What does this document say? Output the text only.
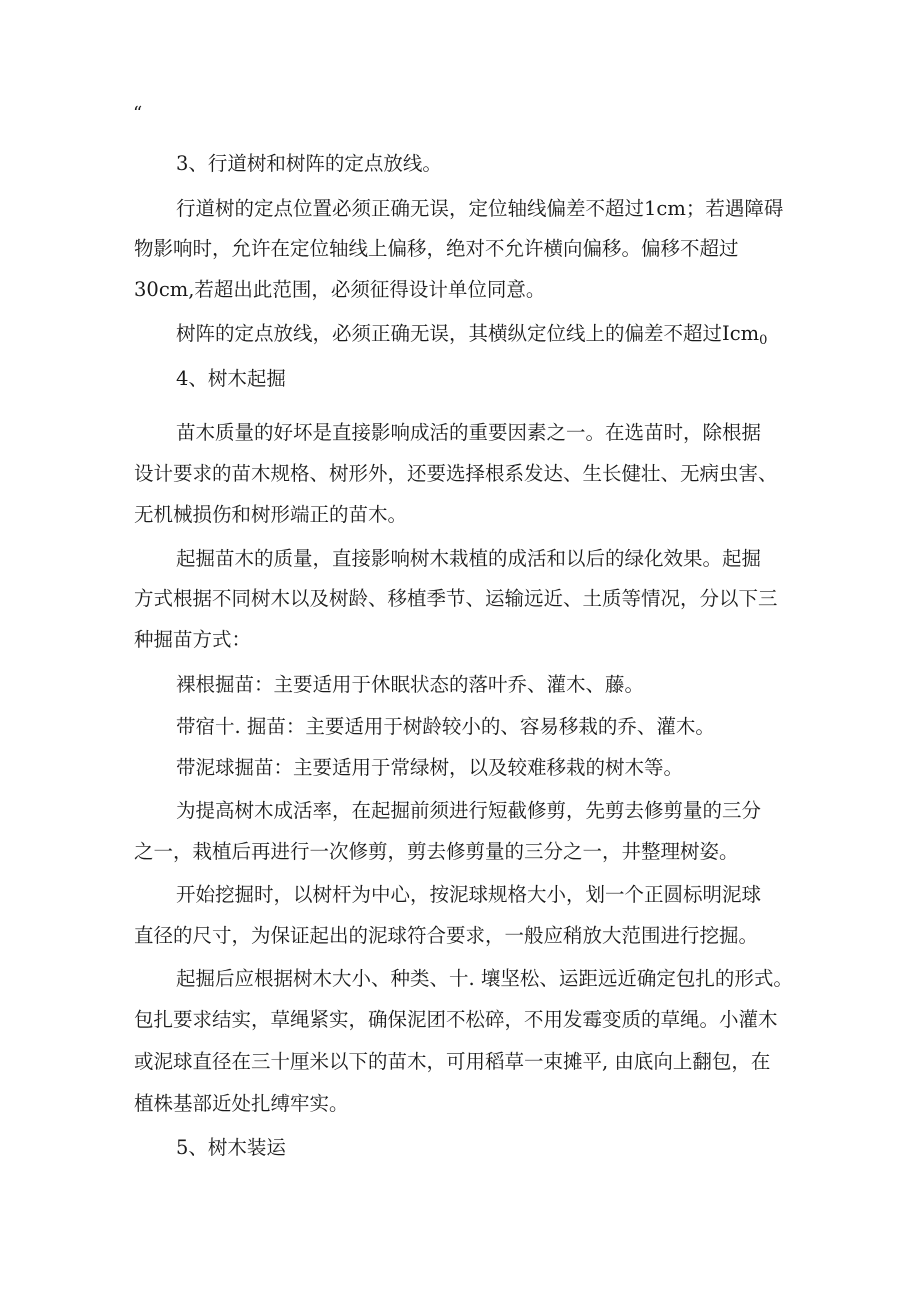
“
3、行道树和树阵的定点放线。
行道树的定点位置必须正确无误，定位轴线偏差不超过1cm；若遇障碍
物影响时，允许在定位轴线上偏移，绝对不允许横向偏移。偏移不超过
30cm,若超出此范围，必须征得设计单位同意。
树阵的定点放线，必须正确无误，其横纵定位线上的偏差不超过Icm$_0$
4、树木起掘
苗木质量的好坏是直接影响成活的重要因素之一。在选苗时，除根据
设计要求的苗木规格、树形外，还要选择根系发达、生长健壮、无病虫害、
无机械损伤和树形端正的苗木。
起掘苗木的质量，直接影响树木栽植的成活和以后的绿化效果。起掘
方式根据不同树木以及树龄、移植季节、运输远近、土质等情况，分以下三
种掘苗方式：
裸根掘苗：主要适用于休眠状态的落叶乔、灌木、藤。
带宿十. 掘苗：主要适用于树龄较小的、容易移栽的乔、灌木。
带泥球掘苗：主要适用于常绿树，以及较难移栽的树木等。
为提高树木成活率，在起掘前须进行短截修剪，先剪去修剪量的三分
之一，栽植后再进行一次修剪，剪去修剪量的三分之一，井整理树姿。
开始挖掘时，以树杆为中心，按泥球规格大小，划一个正圆标明泥球
直径的尺寸，为保证起出的泥球符合要求，一般应稍放大范围进行挖掘。
起掘后应根据树木大小、种类、十. 壤坚松、运距远近确定包扎的形式。
包扎要求结实，草绳紧实，确保泥团不松碎，不用发霉变质的草绳。小灌木
或泥球直径在三十厘米以下的苗木，可用稻草一束摊平, 由底向上翻包，在
植株基部近处扎缚牢实。
5、树木装运
